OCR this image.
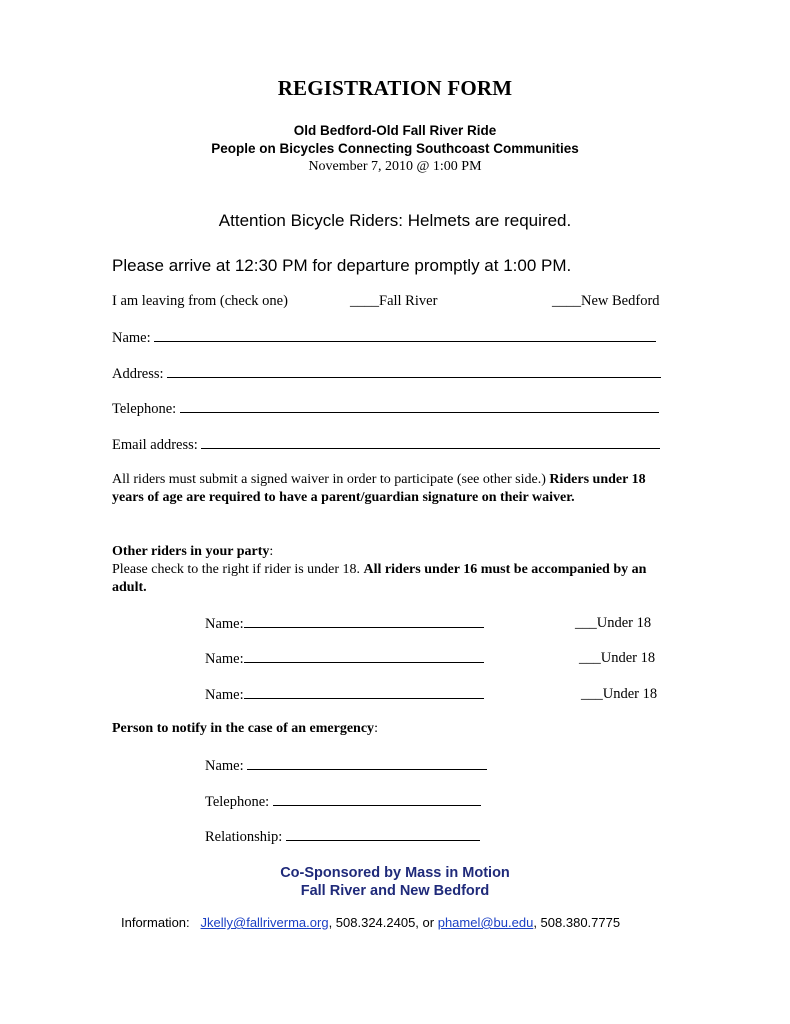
REGISTRATION FORM
Old Bedford-Old Fall River Ride
People on Bicycles Connecting Southcoast Communities
November 7, 2010 @ 1:00 PM
Attention Bicycle Riders: Helmets are required.
Please arrive at 12:30 PM for departure promptly at 1:00 PM.
I am leaving from (check one)	____Fall River	____New Bedford
Name:
Address:
Telephone:
Email address:
All riders must submit a signed waiver in order to participate (see other side.) Riders under 18 years of age are required to have a parent/guardian signature on their waiver.
Other riders in your party:
Please check to the right if rider is under 18. All riders under 16 must be accompanied by an adult.
Name:	___Under 18
Name:	___Under 18
Name:	___Under 18
Person to notify in the case of an emergency:
Name:
Telephone:
Relationship:
Co-Sponsored by Mass in Motion
Fall River and New Bedford
Information: Jkelly@fallriverma.org, 508.324.2405, or phamel@bu.edu, 508.380.7775
